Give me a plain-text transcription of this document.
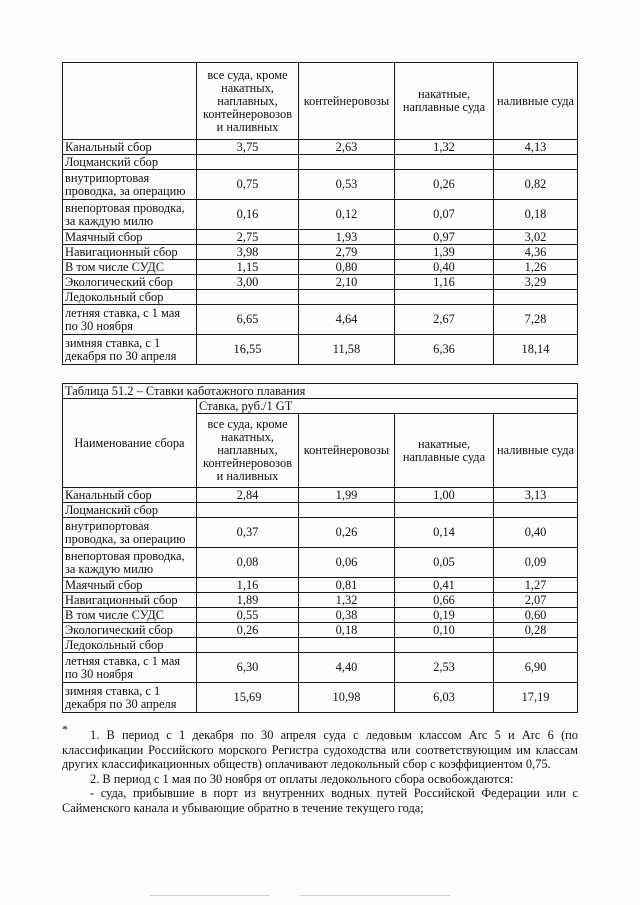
	все суда, кроме накатных, наплавных, контейнеровозов и наливных	контейнеровозы	накатные, наплавные суда	наливные суда
Канальный сбор	3,75	2,63	1,32	4,13
Лоцманский сбор				
внутрипортовая проводка, за операцию	0,75	0,53	0,26	0,82
внепортовая проводка, за каждую милю	0,16	0,12	0,07	0,18
Маячный сбор	2,75	1,93	0,97	3,02
Навигационный сбор	3,98	2,79	1,39	4,36
В том числе СУДС	1,15	0,80	0,40	1,26
Экологический сбор	3,00	2,10	1,16	3,29
Ледокольный сбор				
летняя ставка, с 1 мая по 30 ноября	6,65	4,64	2,67	7,28
зимняя ставка, с 1 декабря по 30 апреля	16,55	11,58	6,36	18,14
Таблица 51.2 – Ставки каботажного плавания				
Наименование сбора	Ставка, руб./1 GT			
	все суда, кроме накатных, наплавных, контейнеровозов и наливных	контейнеровозы	накатные, наплавные суда	наливные суда
Канальный сбор	2,84	1,99	1,00	3,13
Лоцманский сбор				
внутрипортовая проводка, за операцию	0,37	0,26	0,14	0,40
внепортовая проводка, за каждую милю	0,08	0,06	0,05	0,09
Маячный сбор	1,16	0,81	0,41	1,27
Навигационный сбор	1,89	1,32	0,66	2,07
В том числе СУДС	0,55	0,38	0,19	0,60
Экологический сбор	0,26	0,18	0,10	0,28
Ледокольный сбор				
летняя ставка, с 1 мая по 30 ноября	6,30	4,40	2,53	6,90
зимняя ставка, с 1 декабря по 30 апреля	15,69	10,98	6,03	17,19
*	1. В период с 1 декабря по 30 апреля суда с ледовым классом Arc 5 и Arc 6 (по классификации Российского морского Регистра судоходства или соответствующим им классам других классификационных обществ) оплачивают ледокольный сбор с коэффициентом 0,75.

2. В период с 1 мая по 30 ноября от оплаты ледокольного сбора освобождаются:

- суда, прибывшие в порт из внутренних водных путей Российской Федерации или с Сайменского канала и убывающие обратно в течение текущего года;
